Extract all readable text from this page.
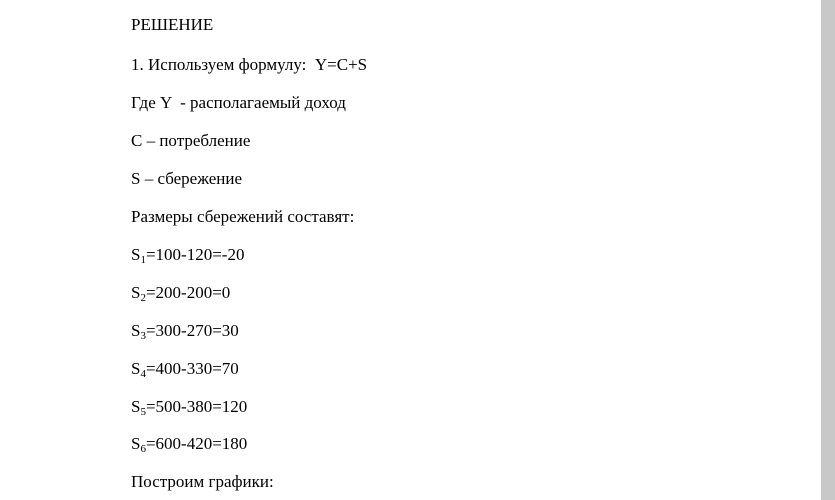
РЕШЕНИЕ

1. Используем формулу:  Y=C+S

Где Y  - располагаемый доход

C – потребление

S – сбережение

Размеры сбережений составят:

$S_1=100-120=-20$

$S_2=200-200=0$

$S_3=300-270=30$

$S_4=400-330=70$

$S_5=500-380=120$

$S_6=600-420=180$

Построим графики:
